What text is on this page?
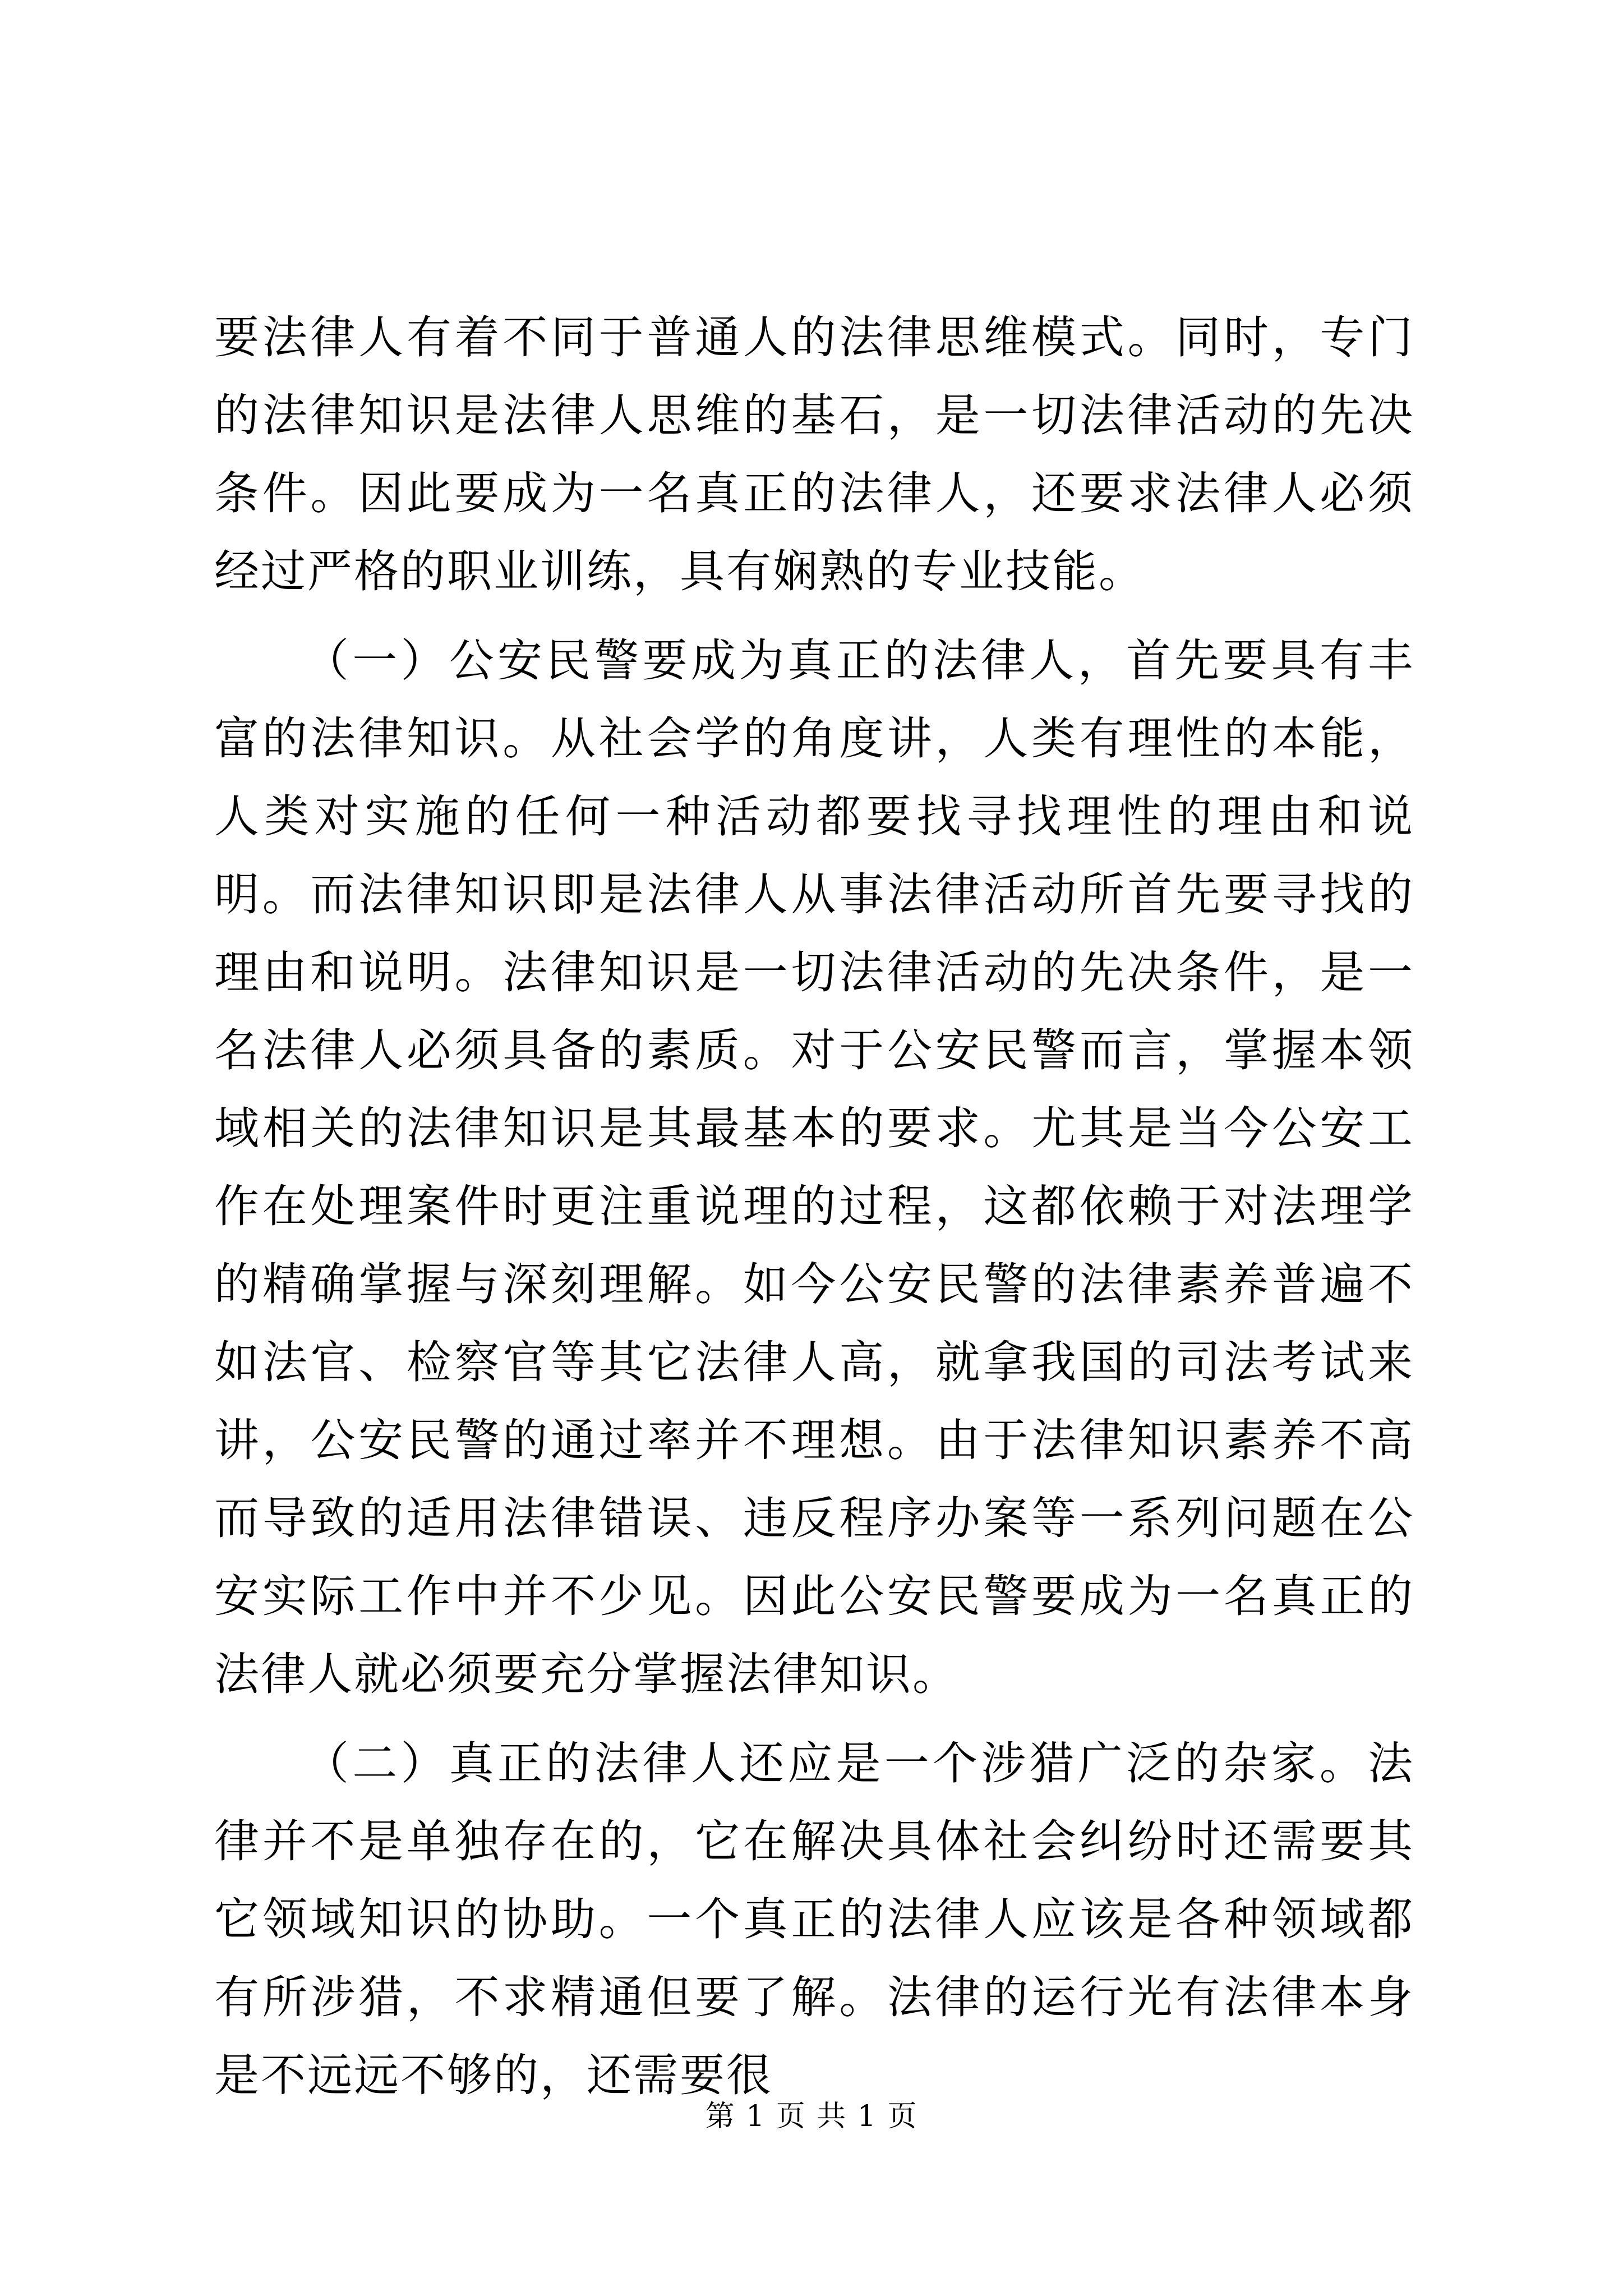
要法律人有着不同于普通人的法律思维模式。同时，专门的法律知识是法律人思维的基石，是一切法律活动的先决条件。因此要成为一名真正的法律人，还要求法律人必须经过严格的职业训练，具有娴熟的专业技能。

（一）公安民警要成为真正的法律人，首先要具有丰富的法律知识。从社会学的角度讲，人类有理性的本能，人类对实施的任何一种活动都要找寻找理性的理由和说明。而法律知识即是法律人从事法律活动所首先要寻找的理由和说明。法律知识是一切法律活动的先决条件，是一名法律人必须具备的素质。对于公安民警而言，掌握本领域相关的法律知识是其最基本的要求。尤其是当今公安工作在处理案件时更注重说理的过程，这都依赖于对法理学的精确掌握与深刻理解。如今公安民警的法律素养普遍不如法官、检察官等其它法律人高，就拿我国的司法考试来讲，公安民警的通过率并不理想。由于法律知识素养不高而导致的适用法律错误、违反程序办案等一系列问题在公安实际工作中并不少见。因此公安民警要成为一名真正的法律人就必须要充分掌握法律知识。

（二）真正的法律人还应是一个涉猎广泛的杂家。法律并不是单独存在的，它在解决具体社会纠纷时还需要其它领域知识的协助。一个真正的法律人应该是各种领域都有所涉猎，不求精通但要了解。法律的运行光有法律本身是不远远不够的，还需要很

第 1 页 共 1 页
